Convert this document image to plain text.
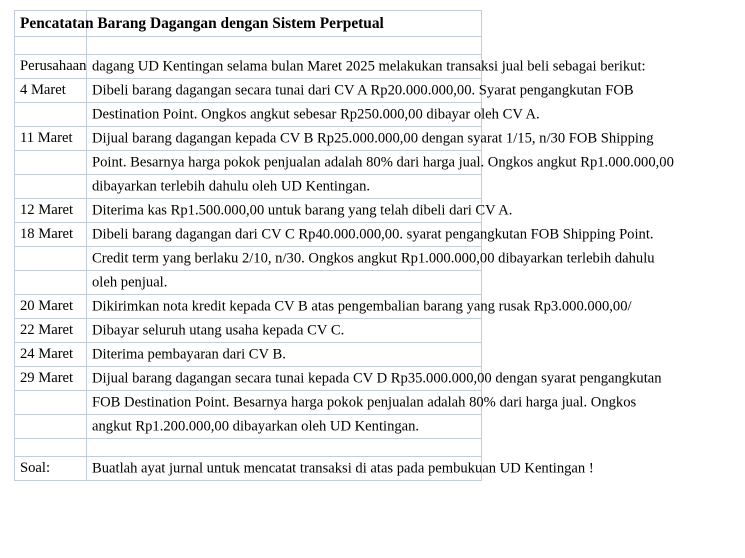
Pencatatan Barang Dagangan dengan Sistem Perpetual	

Perusahaan	dagang UD Kentingan selama bulan Maret 2025 melakukan transaksi jual beli sebagai berikut:

4 Maret	Dibeli barang dagangan secara tunai dari CV A Rp20.000.000,00. Syarat pengangkutan FOB

	Destination Point. Ongkos angkut sebesar Rp250.000,00 dibayar oleh CV A.

11 Maret	Dijual barang dagangan kepada CV B Rp25.000.000,00 dengan syarat 1/15, n/30 FOB Shipping

	Point. Besarnya harga pokok penjualan adalah 80% dari harga jual. Ongkos angkut Rp1.000.000,00

	dibayarkan terlebih dahulu oleh UD Kentingan.

12 Maret	Diterima kas Rp1.500.000,00 untuk barang yang telah dibeli dari CV A.

18 Maret	Dibeli barang dagangan dari CV C Rp40.000.000,00. syarat pengangkutan FOB Shipping Point.

	Credit term yang berlaku 2/10, n/30. Ongkos angkut Rp1.000.000,00 dibayarkan terlebih dahulu

	oleh penjual.

20 Maret	Dikirimkan nota kredit kepada CV B atas pengembalian barang yang rusak Rp3.000.000,00/

22 Maret	Dibayar seluruh utang usaha kepada CV C.

24 Maret	Diterima pembayaran dari CV B.

29 Maret	Dijual barang dagangan secara tunai kepada CV D Rp35.000.000,00 dengan syarat pengangkutan

	FOB Destination Point. Besarnya harga pokok penjualan adalah 80% dari harga jual. Ongkos

	angkut Rp1.200.000,00 dibayarkan oleh UD Kentingan.

Soal:	Buatlah ayat jurnal untuk mencatat transaksi di atas pada pembukuan UD Kentingan !
